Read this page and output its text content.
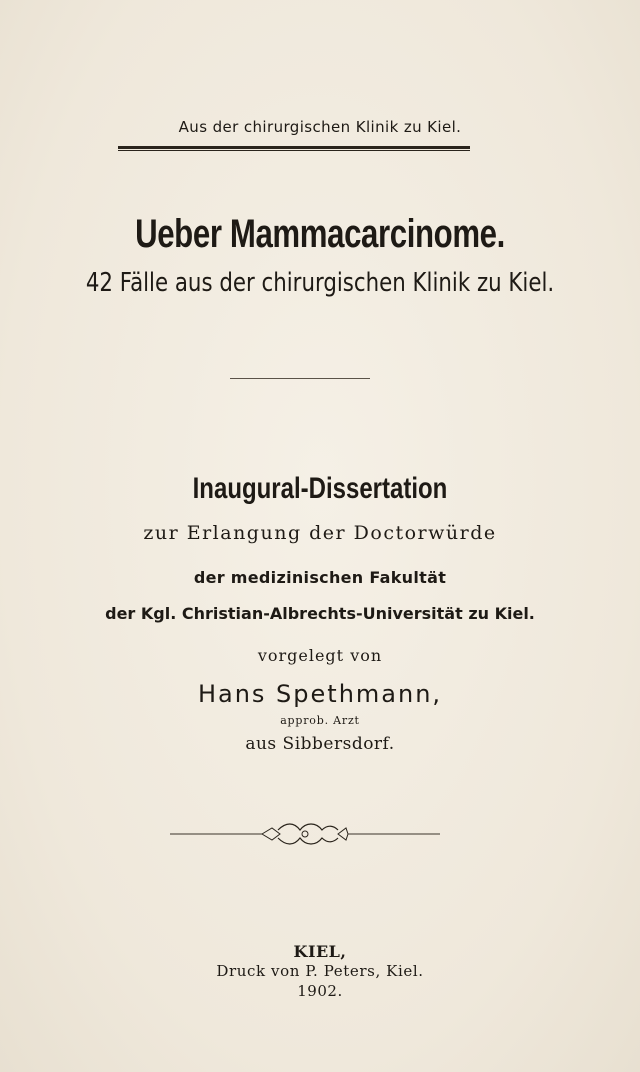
Aus der chirurgischen Klinik zu Kiel.
Ueber Mammacarcinome.
42 Fälle aus der chirurgischen Klinik zu Kiel.
Inaugural-Dissertation
zur Erlangung der Doctorwürde
der medizinischen Fakultät
der Kgl. Christian-Albrechts-Universität zu Kiel.
vorgelegt von
Hans Spethmann,
approb. Arzt
aus Sibbersdorf.
KIEL,
Druck von P. Peters, Kiel.
1902.
